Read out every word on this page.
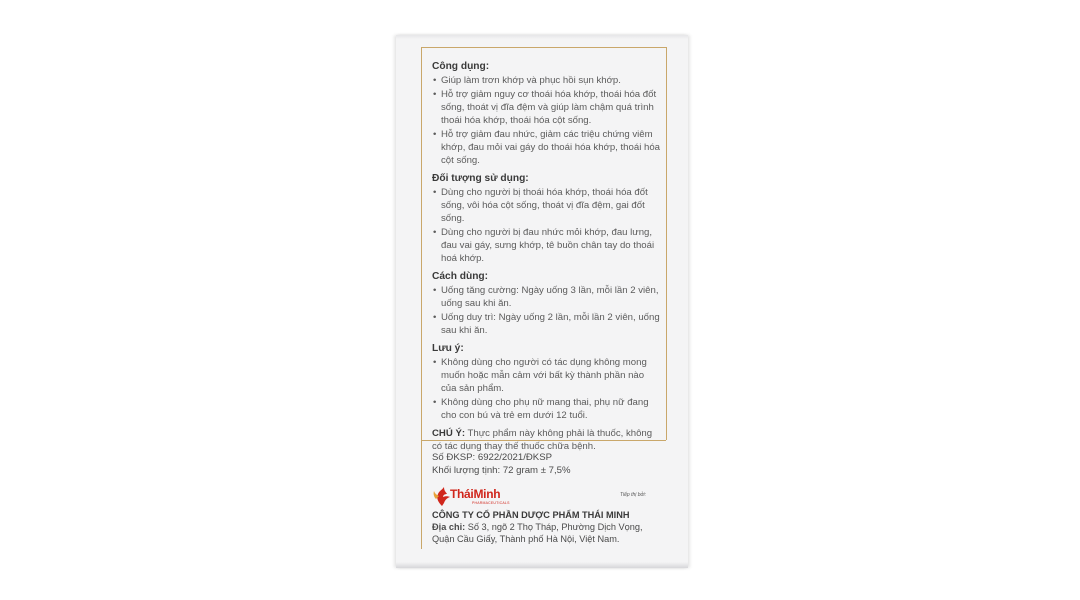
Công dụng:
• Giúp làm trơn khớp và phục hồi sụn khớp.
• Hỗ trợ giảm nguy cơ thoái hóa khớp, thoái hóa đốt sống, thoát vị đĩa đệm và giúp làm chậm quá trình thoái hóa khớp, thoái hóa cột sống.
• Hỗ trợ giảm đau nhức, giảm các triệu chứng viêm khớp, đau mỏi vai gáy do thoái hóa khớp, thoái hóa cột sống.
Đối tượng sử dụng:
• Dùng cho người bị thoái hóa khớp, thoái hóa đốt sống, vôi hóa cột sống, thoát vị đĩa đệm, gai đốt sống.
• Dùng cho người bị đau nhức mỏi khớp, đau lưng, đau vai gáy, sưng khớp, tê buồn chân tay do thoái hoá khớp.
Cách dùng:
• Uống tăng cường: Ngày uống 3 lần, mỗi lần 2 viên, uống sau khi ăn.
• Uống duy trì: Ngày uống 2 lần, mỗi lần 2 viên, uống sau khi ăn.
Lưu ý:
• Không dùng cho người có tác dụng không mong muốn hoặc mẫn cảm với bất kỳ thành phần nào của sản phẩm.
• Không dùng cho phụ nữ mang thai, phụ nữ đang cho con bú và trẻ em dưới 12 tuổi.
CHÚ Ý: Thực phẩm này không phải là thuốc, không có tác dụng thay thế thuốc chữa bệnh.
Số ĐKSP: 6922/2021/ĐKSP
Khối lượng tịnh: 72 gram ± 7,5%
TháiMinh
PHARMACEUTICALS
Tiếp thị bởi:
CÔNG TY CỔ PHẦN DƯỢC PHẨM THÁI MINH
Địa chỉ: Số 3, ngõ 2 Thọ Tháp, Phường Dịch Vọng, Quận Cầu Giấy, Thành phố Hà Nội, Việt Nam.
